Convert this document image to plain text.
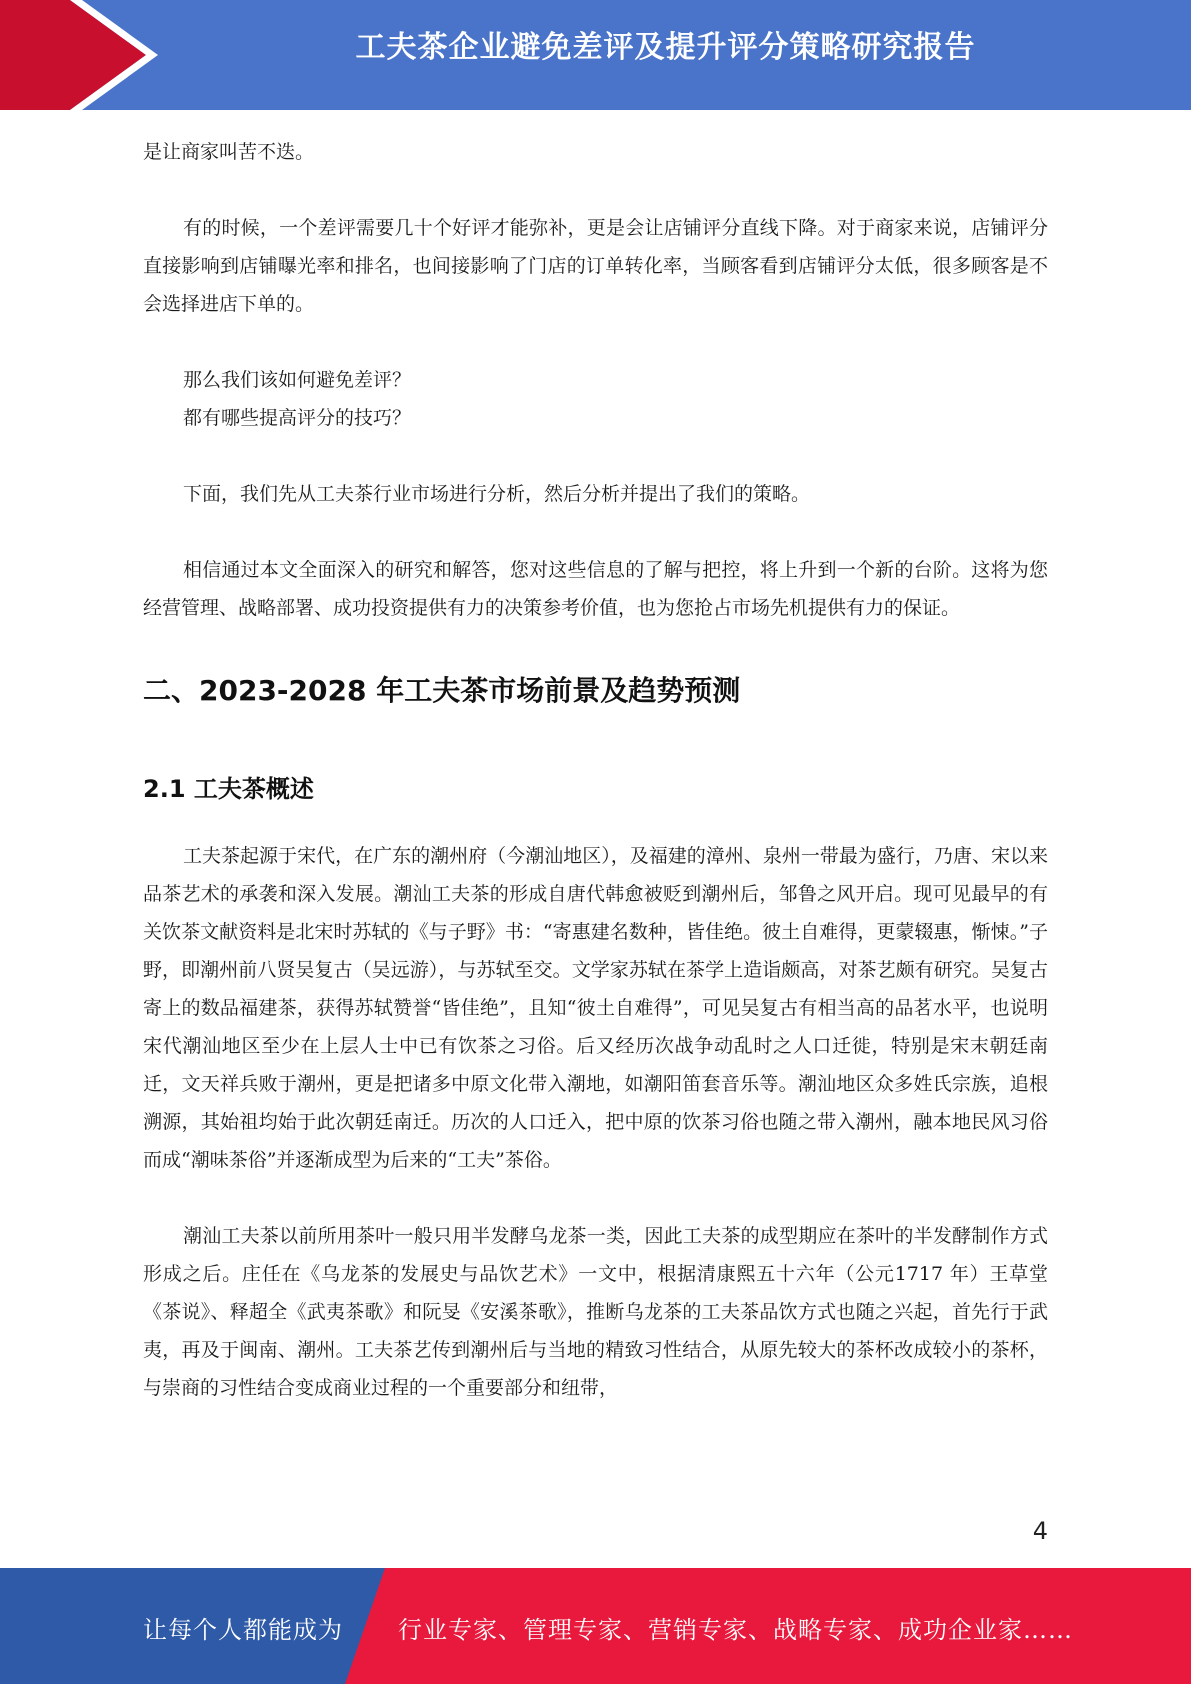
工夫茶企业避免差评及提升评分策略研究报告

是让商家叫苦不迭。

有的时候，一个差评需要几十个好评才能弥补，更是会让店铺评分直线下降。对于商家来说，店铺评分直接影响到店铺曝光率和排名，也间接影响了门店的订单转化率，当顾客看到店铺评分太低，很多顾客是不会选择进店下单的。

那么我们该如何避免差评？

都有哪些提高评分的技巧？

下面，我们先从工夫茶行业市场进行分析，然后分析并提出了我们的策略。

相信通过本文全面深入的研究和解答，您对这些信息的了解与把控，将上升到一个新的台阶。这将为您经营管理、战略部署、成功投资提供有力的决策参考价值，也为您抢占市场先机提供有力的保证。

二、2023-2028 年工夫茶市场前景及趋势预测
2.1 工夫茶概述

工夫茶起源于宋代，在广东的潮州府（今潮汕地区），及福建的漳州、泉州一带最为盛行，乃唐、宋以来品茶艺术的承袭和深入发展。潮汕工夫茶的形成自唐代韩愈被贬到潮州后，邹鲁之风开启。现可见最早的有关饮茶文献资料是北宋时苏轼的《与子野》书：“寄惠建名数种，皆佳绝。彼土自难得，更蒙辍惠，惭悚。”子野，即潮州前八贤吴复古（吴远游），与苏轼至交。文学家苏轼在茶学上造诣颇高，对茶艺颇有研究。吴复古寄上的数品福建茶，获得苏轼赞誉“皆佳绝”，且知“彼土自难得”，可见吴复古有相当高的品茗水平，也说明宋代潮汕地区至少在上层人士中已有饮茶之习俗。后又经历次战争动乱时之人口迁徙，特别是宋末朝廷南迁，文天祥兵败于潮州，更是把诸多中原文化带入潮地，如潮阳笛套音乐等。潮汕地区众多姓氏宗族，追根溯源，其始祖均始于此次朝廷南迁。历次的人口迁入，把中原的饮茶习俗也随之带入潮州，融本地民风习俗而成“潮味茶俗”并逐渐成型为后来的“工夫”茶俗。

潮汕工夫茶以前所用茶叶一般只用半发酵乌龙茶一类，因此工夫茶的成型期应在茶叶的半发酵制作方式形成之后。庄任在《乌龙茶的发展史与品饮艺术》一文中，根据清康熙五十六年（公元1717 年）王草堂《茶说》、释超全《武夷茶歌》和阮旻《安溪茶歌》，推断乌龙茶的工夫茶品饮方式也随之兴起，首先行于武夷，再及于闽南、潮州。工夫茶艺传到潮州后与当地的精致习性结合，从原先较大的茶杯改成较小的茶杯，与崇商的习性结合变成商业过程的一个重要部分和纽带，

4
让每个人都能成为 行业专家、管理专家、营销专家、战略专家、成功企业家……
